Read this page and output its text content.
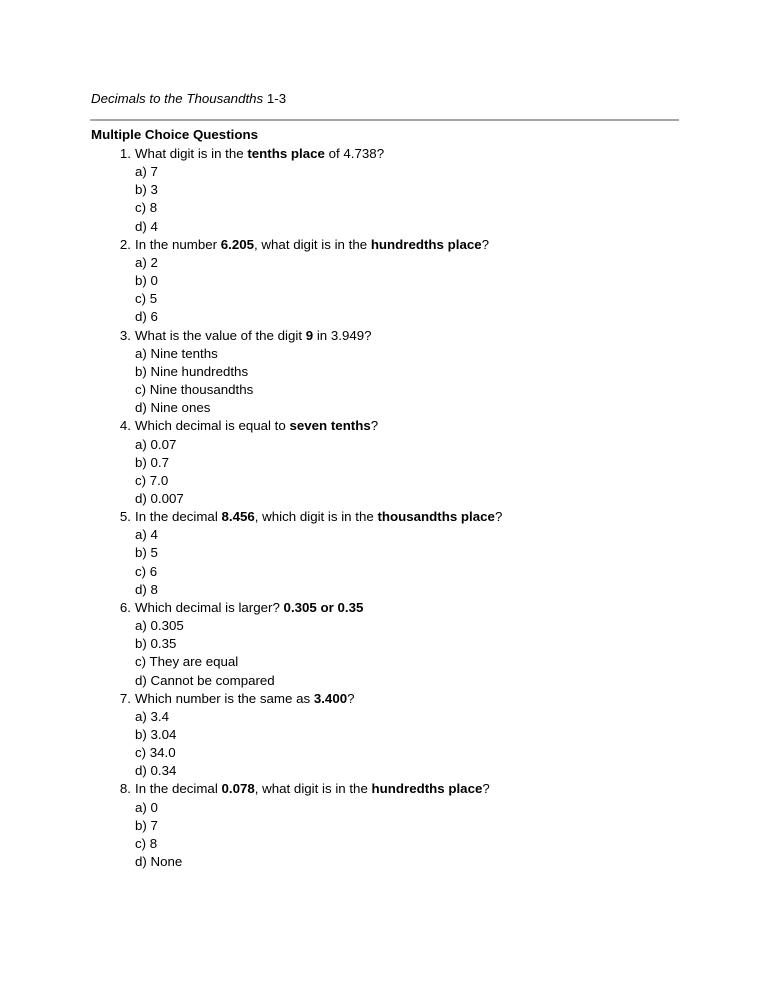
Decimals to the Thousandths 1-3
Multiple Choice Questions
1. What digit is in the tenths place of 4.738?
a) 7
b) 3
c) 8
d) 4
2. In the number 6.205, what digit is in the hundredths place?
a) 2
b) 0
c) 5
d) 6
3. What is the value of the digit 9 in 3.949?
a) Nine tenths
b) Nine hundredths
c) Nine thousandths
d) Nine ones
4. Which decimal is equal to seven tenths?
a) 0.07
b) 0.7
c) 7.0
d) 0.007
5. In the decimal 8.456, which digit is in the thousandths place?
a) 4
b) 5
c) 6
d) 8
6. Which decimal is larger? 0.305 or 0.35
a) 0.305
b) 0.35
c) They are equal
d) Cannot be compared
7. Which number is the same as 3.400?
a) 3.4
b) 3.04
c) 34.0
d) 0.34
8. In the decimal 0.078, what digit is in the hundredths place?
a) 0
b) 7
c) 8
d) None
